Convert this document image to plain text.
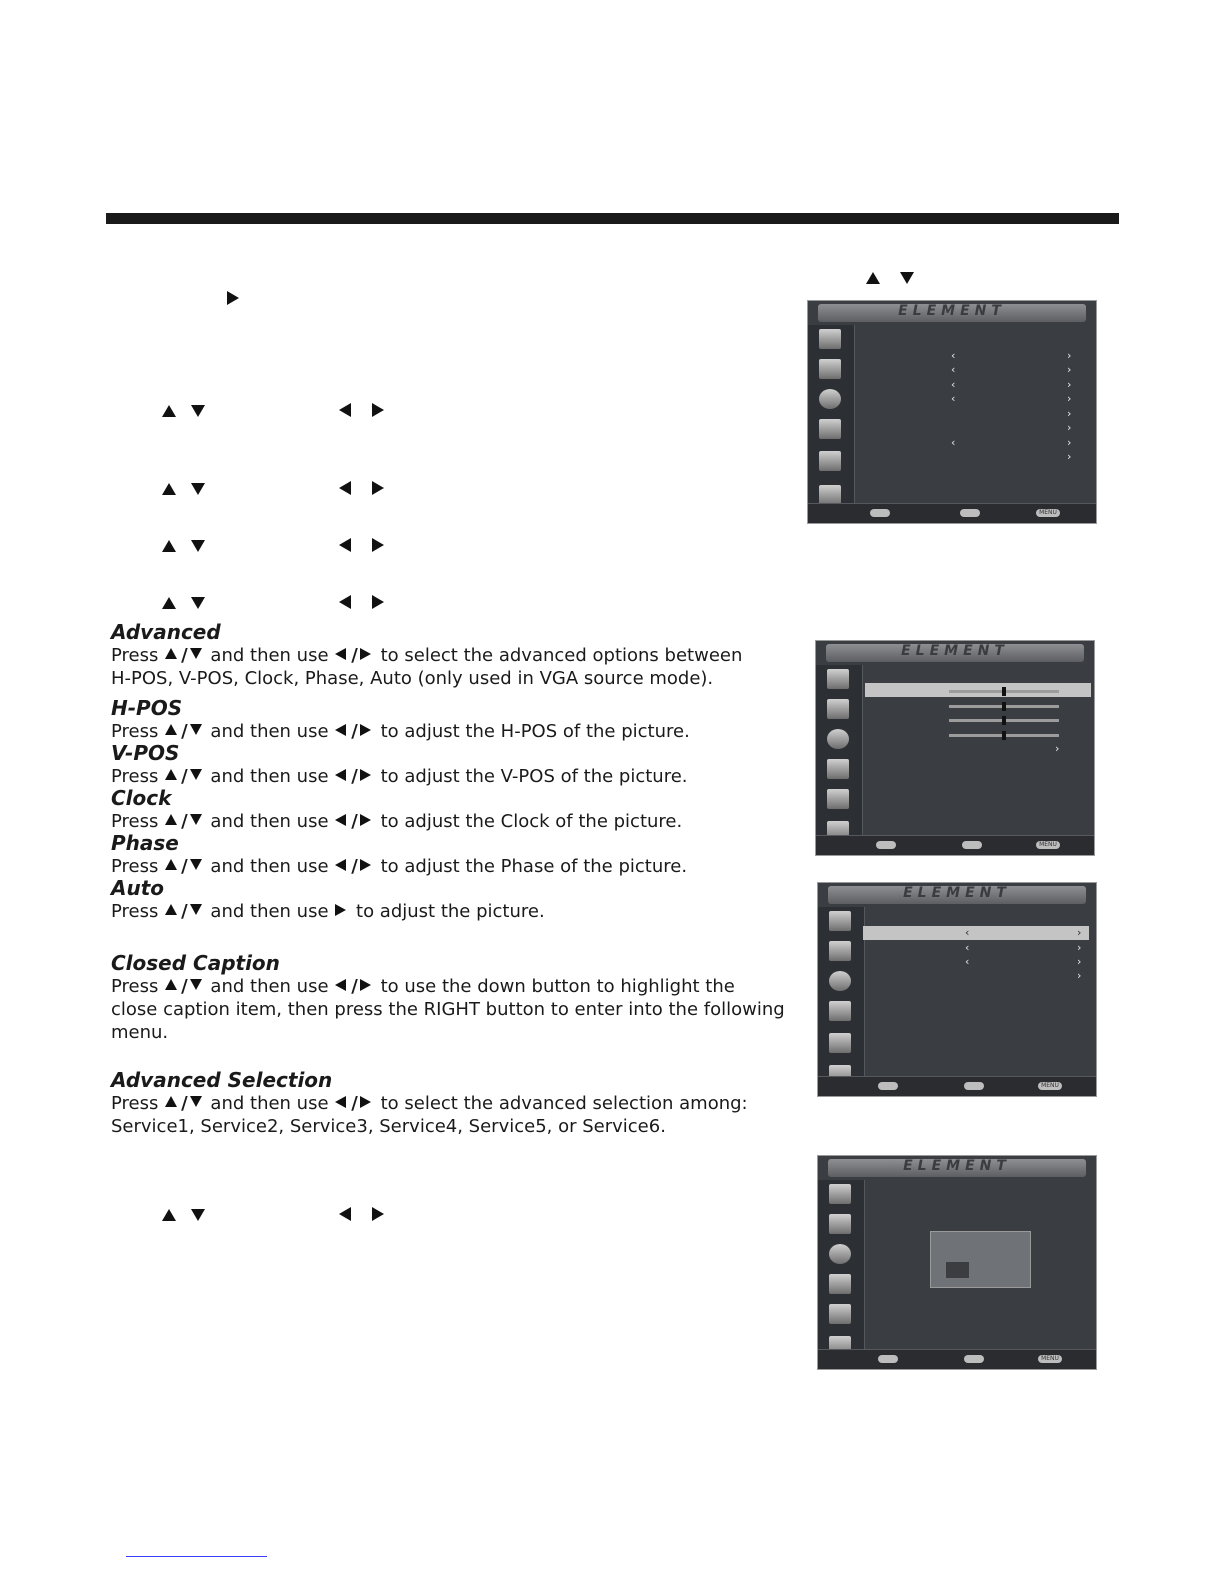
Advanced

Press / and then use / to select the advanced options between

H-POS, V-POS, Clock, Phase, Auto (only used in VGA source mode).

H-POS

Press / and then use / to adjust the H-POS of the picture.

V-POS

Press / and then use / to adjust the V-POS of the picture.

Clock

Press / and then use / to adjust the Clock of the picture.

Phase

Press / and then use / to adjust the Phase of the picture.

Auto

Press / and then use to adjust the picture.

Closed Caption

Press / and then use / to use the down button to highlight the

close caption item, then press the RIGHT button to enter into the following

menu.

Advanced Selection

Press / and then use / to select the advanced selection among:

Service1, Service2, Service3, Service4, Service5, or Service6.

ELEMENT
‹
‹
‹
‹
‹
›
›
›
›
›
›
›
›
MENU
ELEMENT
›
MENU
ELEMENT
‹	›
‹
‹
›
›
›
MENU
ELEMENT
MENU
